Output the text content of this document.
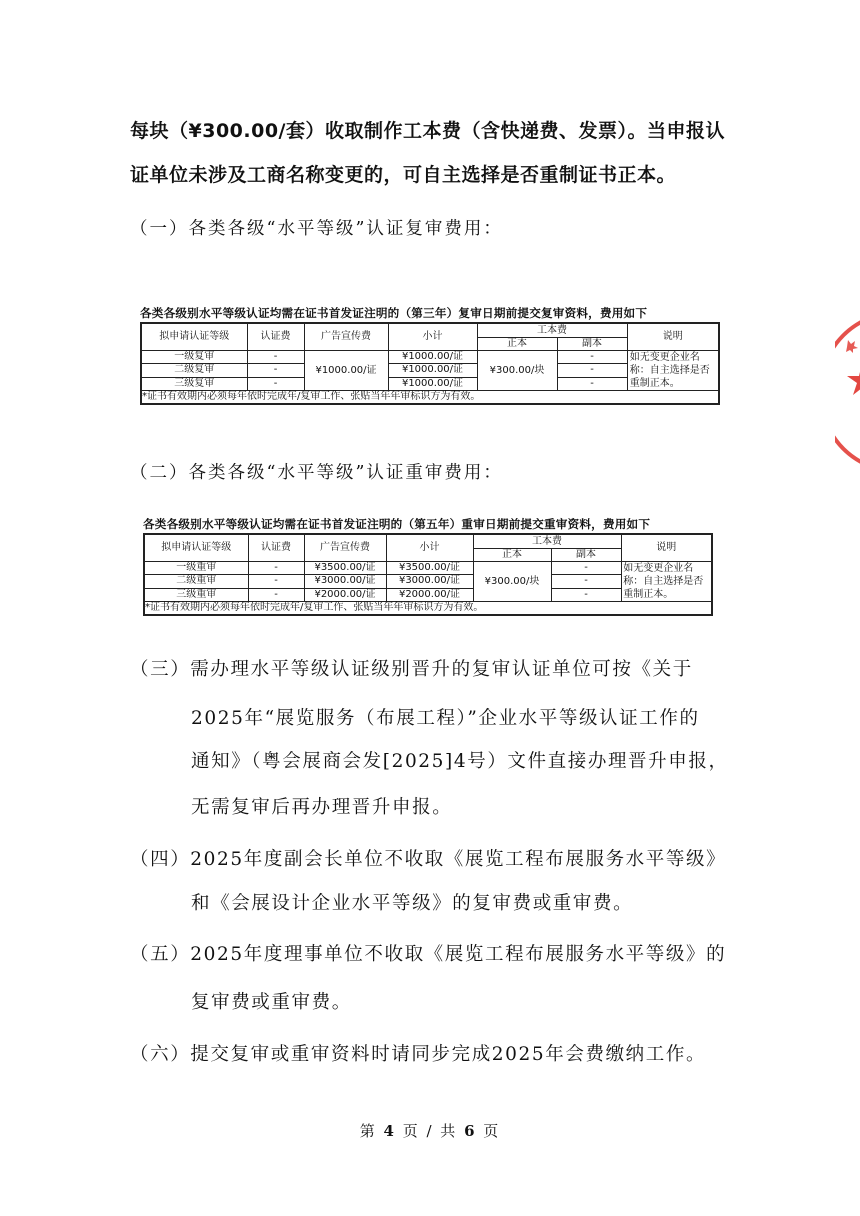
每块（¥300.00/套）收取制作工本费（含快递费、发票）。当申报认
证单位未涉及工商名称变更的，可自主选择是否重制证书正本。
（一）各类各级“水平等级”认证复审费用：
各类各级别水平等级认证均需在证书首发证注明的（第三年）复审日期前提交复审资料，费用如下
拟申请认证等级	认证费	广告宣传费	小计	工本费		说明
				正本	副本	
一级复审	-	¥1000.00/证	¥1000.00/证	¥300.00/块	-	如无变更企业名称：自主选择是否重制正本。

二级复审	-		¥1000.00/证		-	
三级复审	-		¥1000.00/证		-	
*证书有效期内必须每年依时完成年/复审工作、张贴当年年审标识方为有效。						
（二）各类各级“水平等级”认证重审费用：
各类各级别水平等级认证均需在证书首发证注明的（第五年）重审日期前提交重审资料，费用如下
拟申请认证等级	认证费	广告宣传费	小计	工本费		说明
				正本	副本	
一级重审	-	¥3500.00/证	¥3500.00/证	¥300.00/块	-	如无变更企业名称：自主选择是否重制正本。

二级重审	-	¥3000.00/证	¥3000.00/证		-	
三级重审	-	¥2000.00/证	¥2000.00/证		-	
*证书有效期内必须每年依时完成年/复审工作、张贴当年年审标识方为有效。						
（三）需办理水平等级认证级别晋升的复审认证单位可按《关于
2025年“展览服务（布展工程）”企业水平等级认证工作的
通知》（粤会展商会发[2025]4号）文件直接办理晋升申报，
无需复审后再办理晋升申报。
（四）2025年度副会长单位不收取《展览工程布展服务水平等级》
和《会展设计企业水平等级》的复审费或重审费。
（五）2025年度理事单位不收取《展览工程布展服务水平等级》的
复审费或重审费。
（六）提交复审或重审资料时请同步完成2025年会费缴纳工作。
第 4 页 / 共 6 页
